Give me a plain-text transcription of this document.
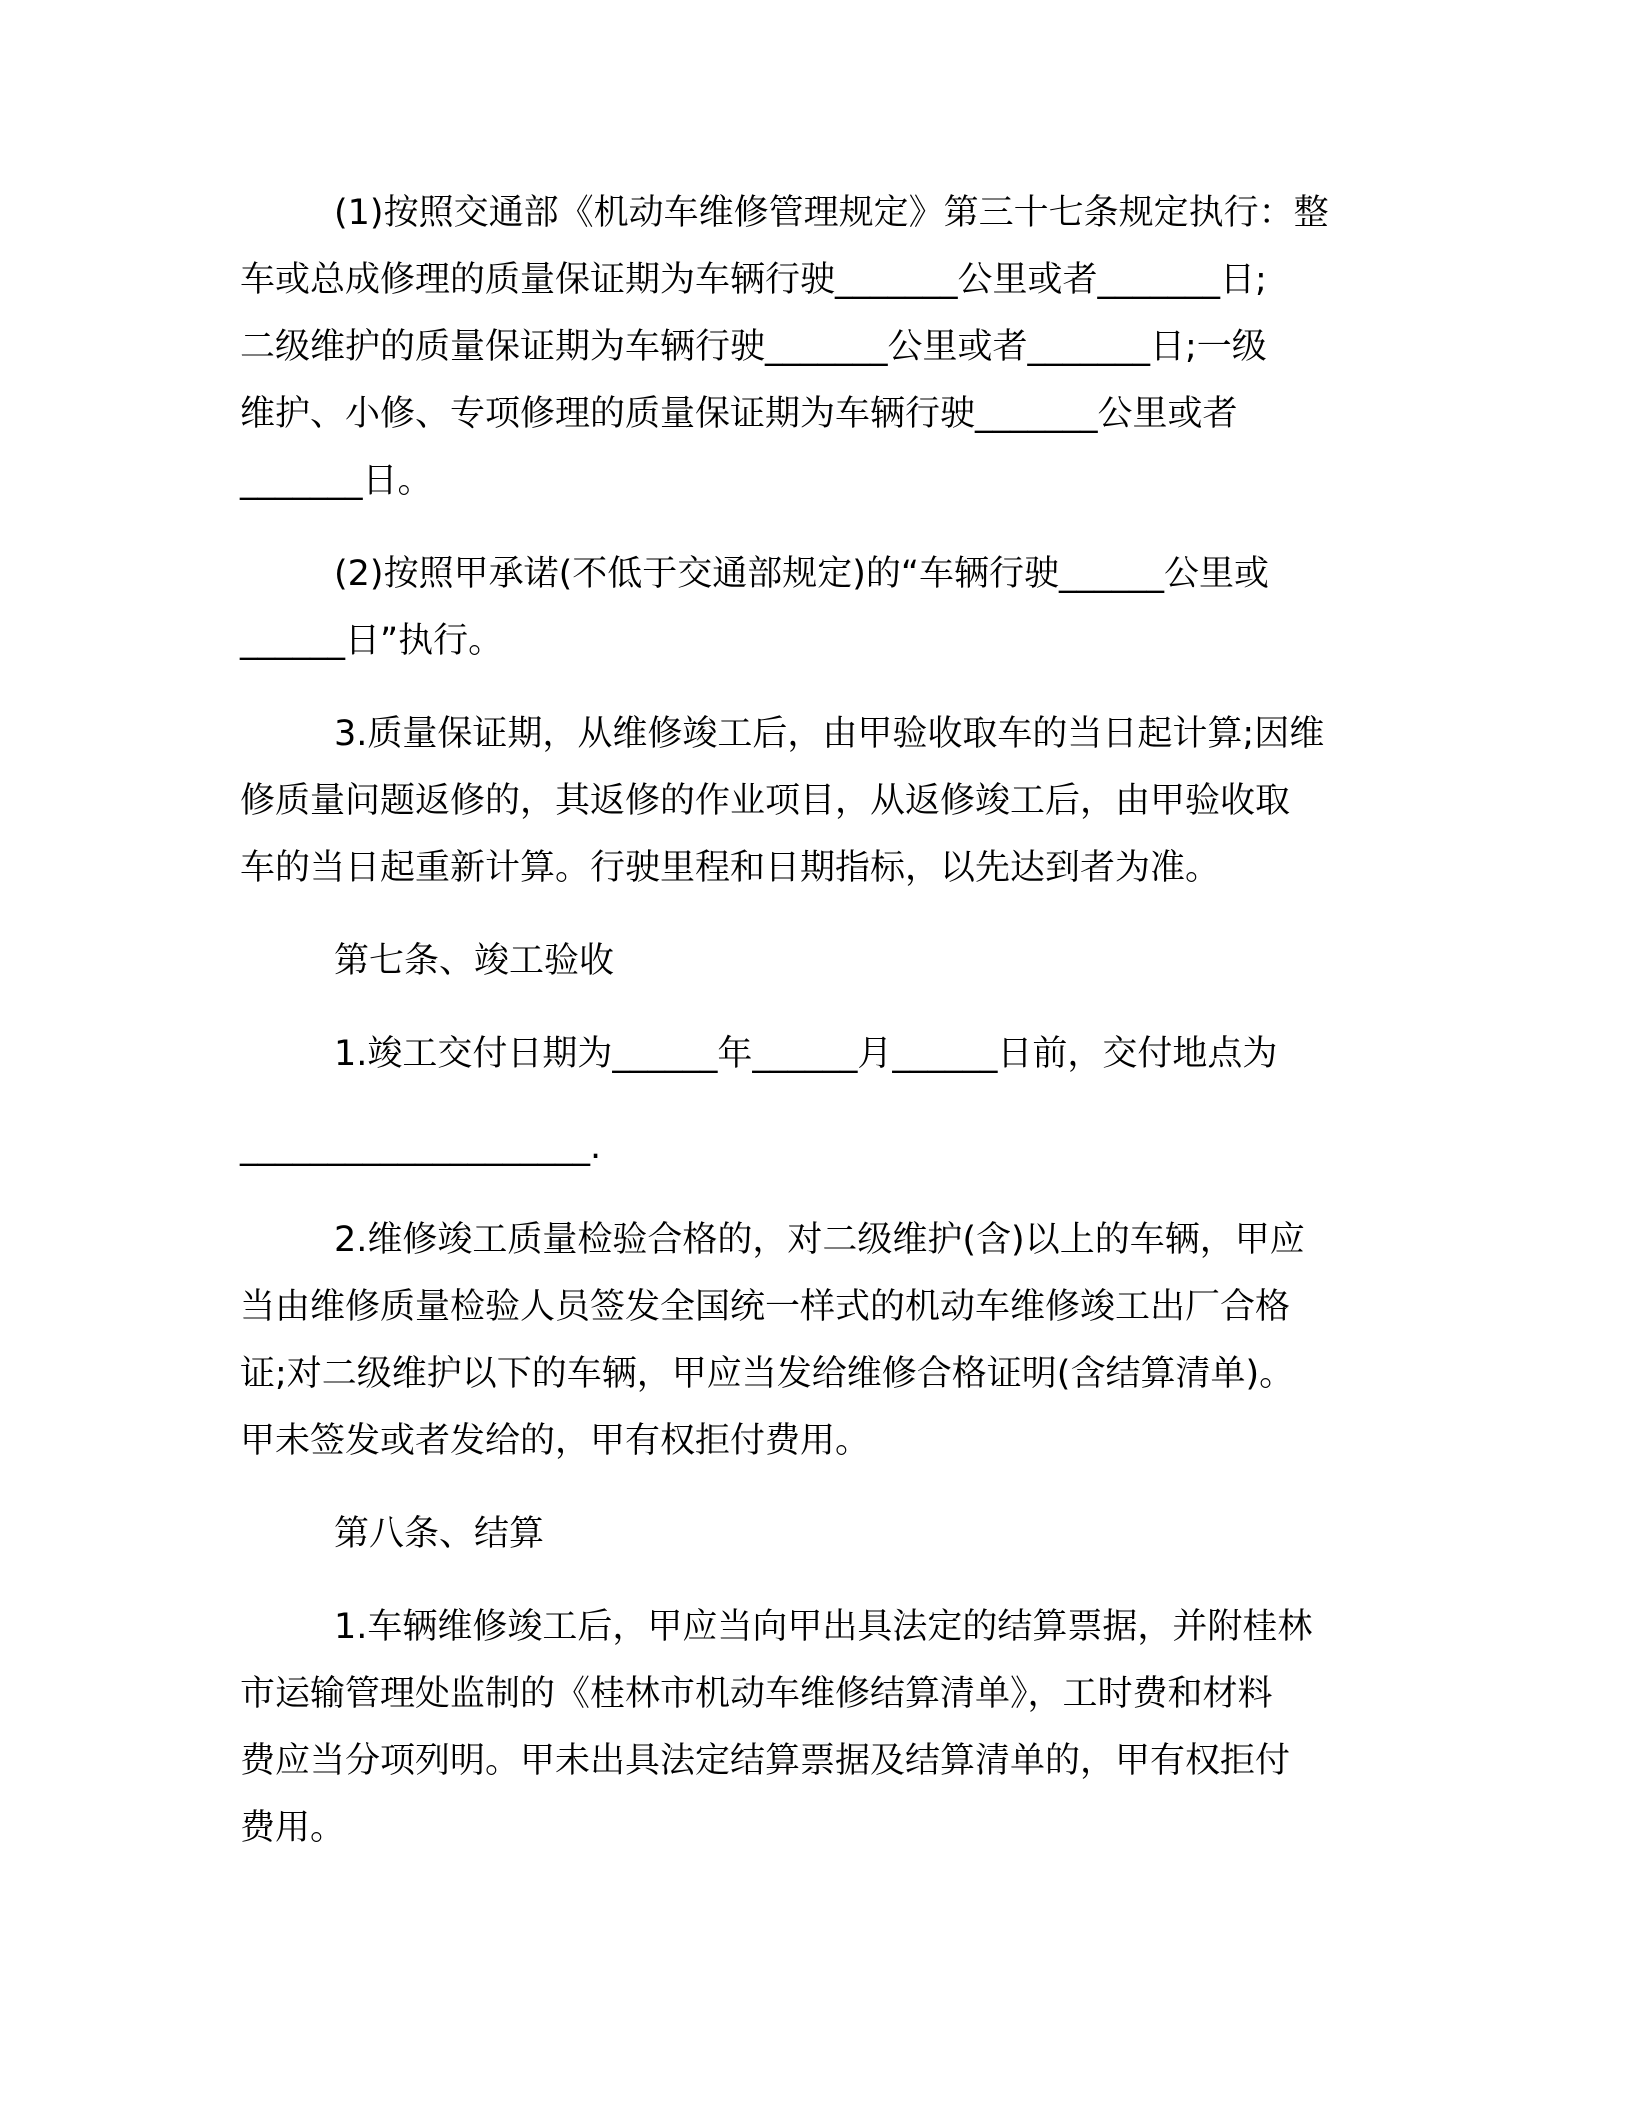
(1)按照交通部《机动车维修管理规定》第三十七条规定执行：整
车或总成修理的质量保证期为车辆行驶_______公里或者_______日;
二级维护的质量保证期为车辆行驶_______公里或者_______日;一级
维护、小修、专项修理的质量保证期为车辆行驶_______公里或者
_______日。
(2)按照甲承诺(不低于交通部规定)的“车辆行驶______公里或
______日”执行。
3.质量保证期，从维修竣工后，由甲验收取车的当日起计算;因维
修质量问题返修的，其返修的作业项目，从返修竣工后，由甲验收取
车的当日起重新计算。行驶里程和日期指标，以先达到者为准。
第七条、竣工验收
1.竣工交付日期为______年______月______日前，交付地点为
____________________.
2.维修竣工质量检验合格的，对二级维护(含)以上的车辆，甲应
当由维修质量检验人员签发全国统一样式的机动车维修竣工出厂合格
证;对二级维护以下的车辆，甲应当发给维修合格证明(含结算清单)。
甲未签发或者发给的，甲有权拒付费用。
第八条、结算
1.车辆维修竣工后，甲应当向甲出具法定的结算票据，并附桂林
市运输管理处监制的《桂林市机动车维修结算清单》，工时费和材料
费应当分项列明。甲未出具法定结算票据及结算清单的，甲有权拒付
费用。
